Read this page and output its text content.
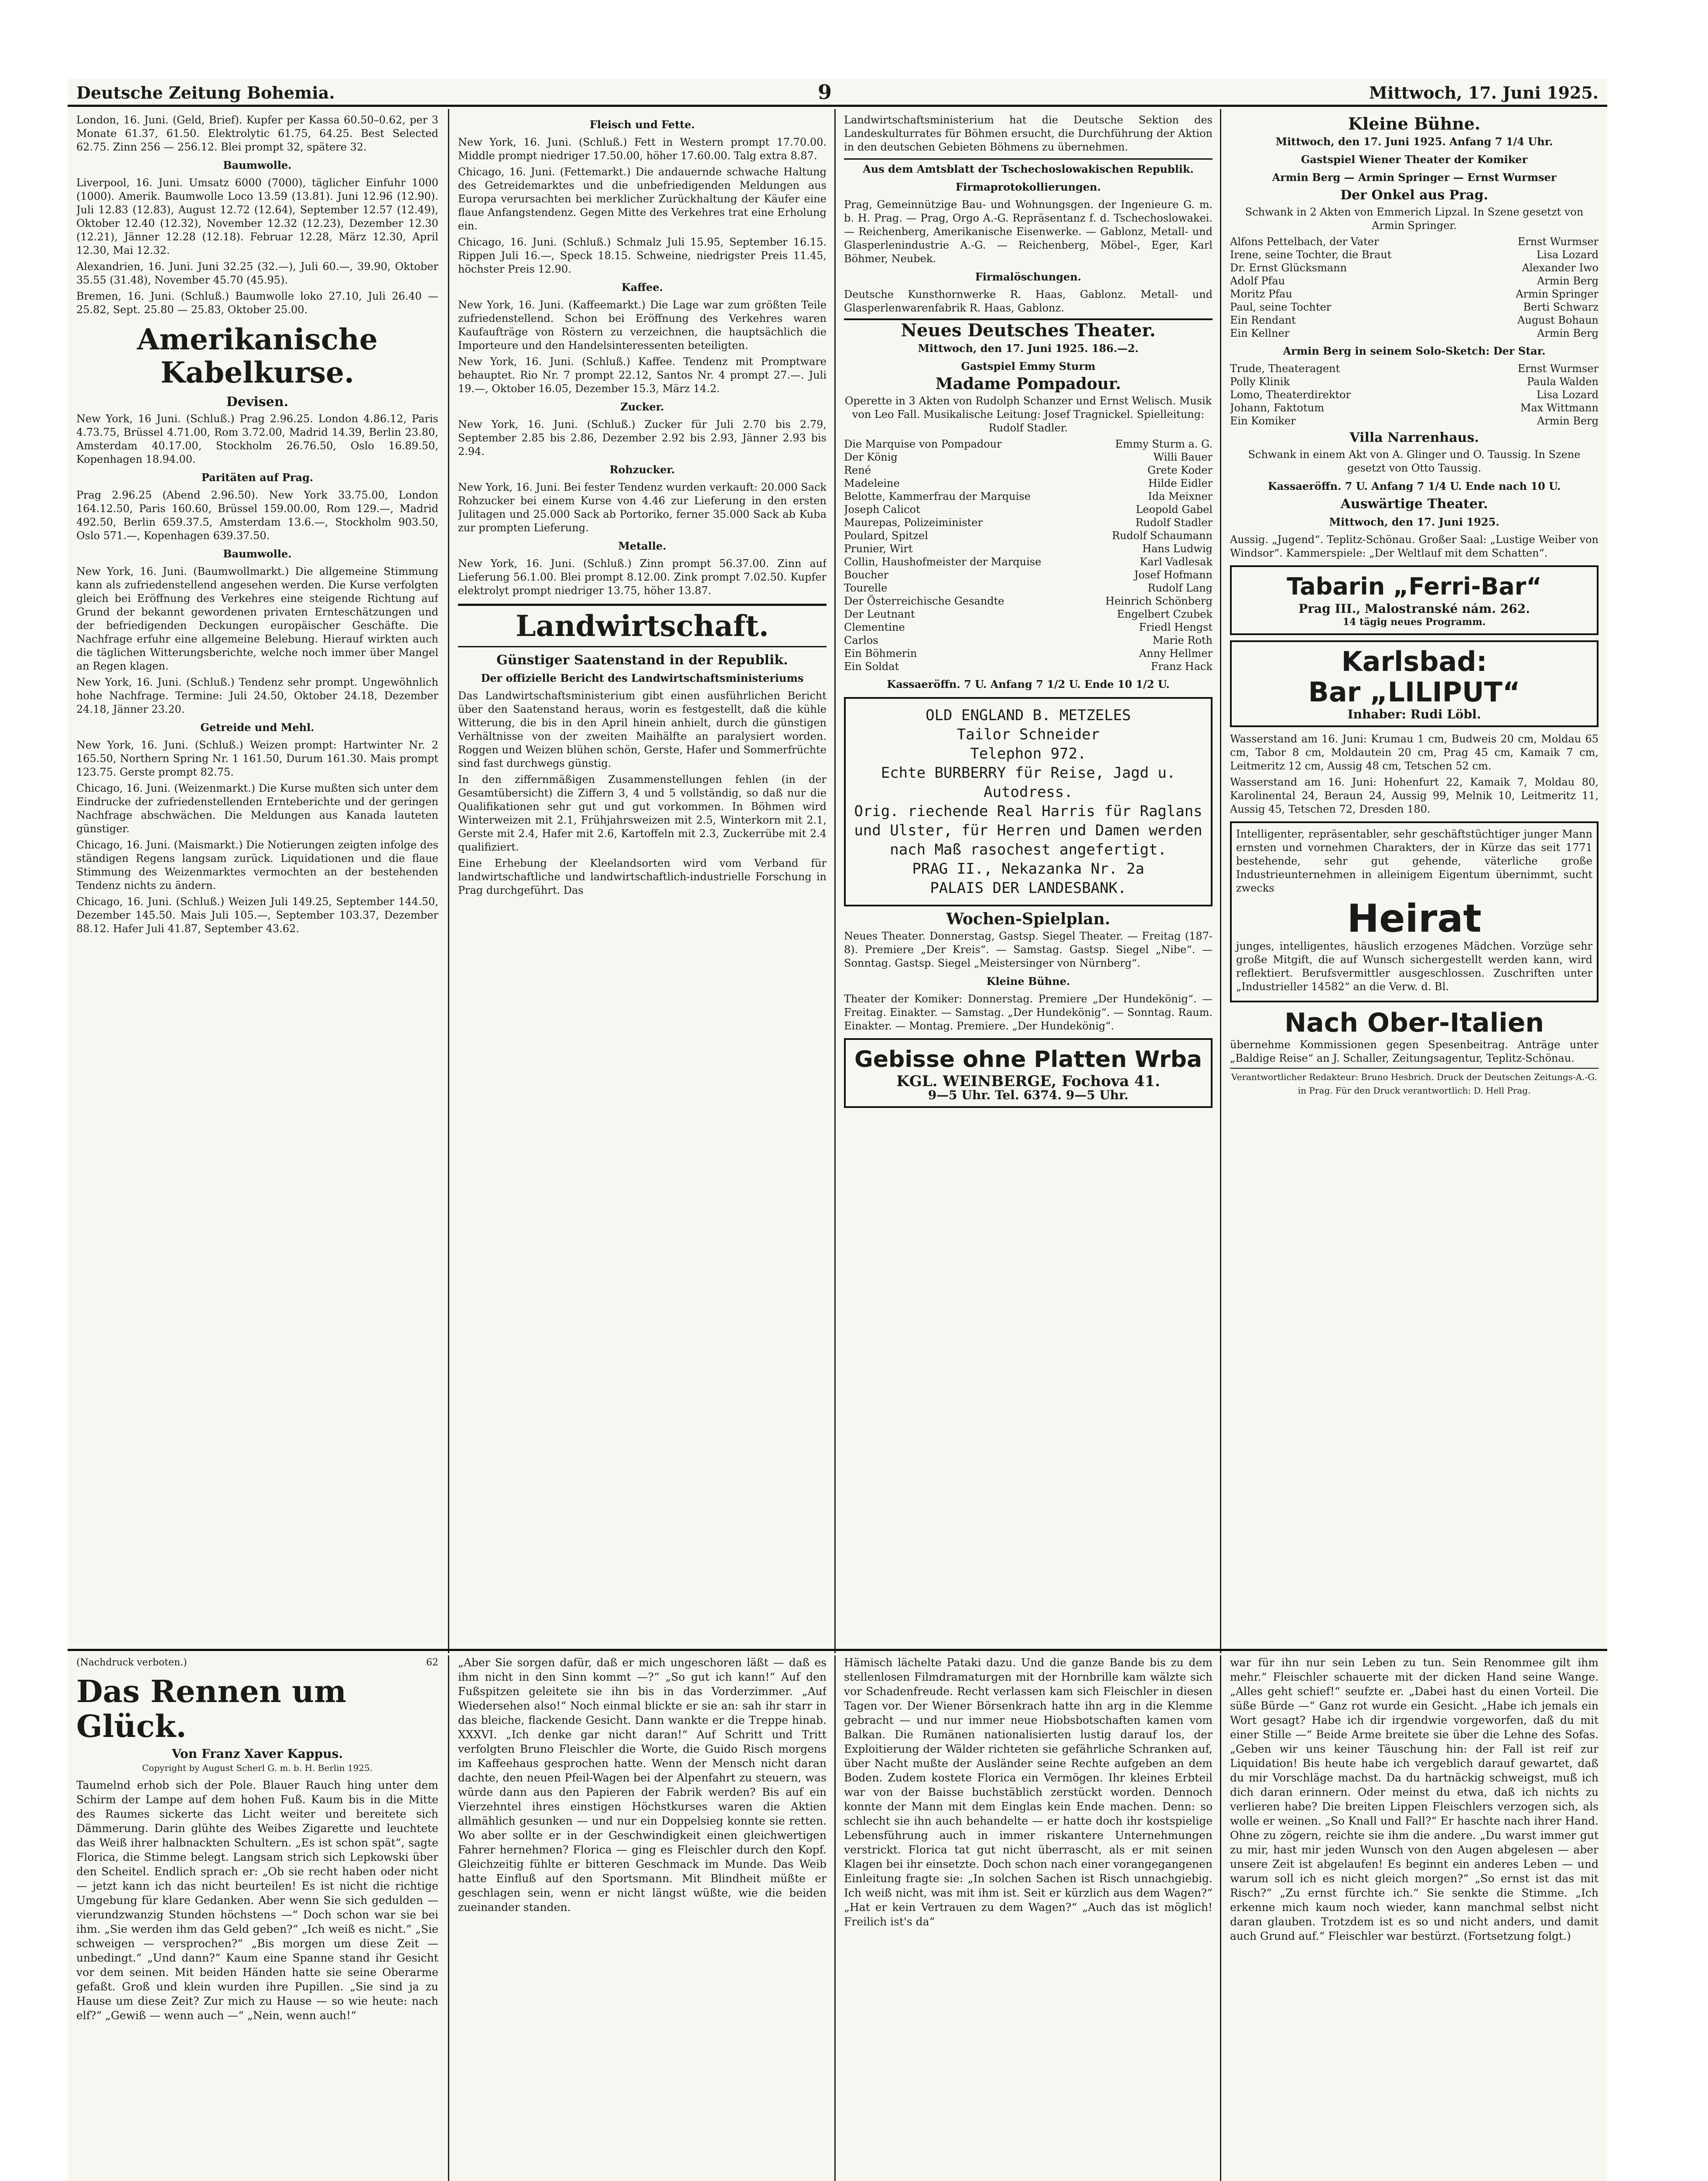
Deutsche Zeitung Bohemia.	9	Mittwoch, 17. Juni 1925.

London, 16. Juni. (Geld, Brief). Kupfer per Kassa 60.50–0.62, per 3 Monate 61.37, 61.50. Elektrolytic 61.75, 64.25. Best Selected 62.75. Zinn 256 — 256.12. Blei prompt 32, spätere 32.

Baumwolle.

Liverpool, 16. Juni. Umsatz 6000 (7000), täglicher Einfuhr 1000 (1000). Amerik. Baumwolle Loco 13.59 (13.81). Juni 12.96 (12.90). Juli 12.83 (12.83), August 12.72 (12.64), September 12.57 (12.49), Oktober 12.40 (12.32), November 12.32 (12.23), Dezember 12.30 (12.21), Jänner 12.28 (12.18). Februar 12.28, März 12.30, April 12.30, Mai 12.32.

Alexandrien, 16. Juni. Juni 32.25 (32.—), Juli 60.—, 39.90, Oktober 35.55 (31.48), November 45.70 (45.95).

Bremen, 16. Juni. (Schluß.) Baumwolle loko 27.10, Juli 26.40 — 25.82, Sept. 25.80 — 25.83, Oktober 25.00.

Amerikanische Kabelkurse.
Devisen.

New York, 16 Juni. (Schluß.) Prag 2.96.25. London 4.86.12, Paris 4.73.75, Brüssel 4.71.00, Rom 3.72.00, Madrid 14.39, Berlin 23.80, Amsterdam 40.17.00, Stockholm 26.76.50, Oslo 16.89.50, Kopenhagen 18.94.00.

Paritäten auf Prag.

Prag 2.96.25 (Abend 2.96.50). New York 33.75.00, London 164.12.50, Paris 160.60, Brüssel 159.00.00, Rom 129.—, Madrid 492.50, Berlin 659.37.5, Amsterdam 13.6.—, Stockholm 903.50, Oslo 571.—, Kopenhagen 639.37.50.

Baumwolle.

New York, 16. Juni. (Baumwollmarkt.) Die allgemeine Stimmung kann als zufriedenstellend angesehen werden. Die Kurse verfolgten gleich bei Eröffnung des Verkehres eine steigende Richtung auf Grund der bekannt gewordenen privaten Ernteschätzungen und der befriedigenden Deckungen europäischer Geschäfte. Die Nachfrage erfuhr eine allgemeine Belebung. Hierauf wirkten auch die täglichen Witterungsberichte, welche noch immer über Mangel an Regen klagen.

New York, 16. Juni. (Schluß.) Tendenz sehr prompt. Ungewöhnlich hohe Nachfrage. Termine: Juli 24.50, Oktober 24.18, Dezember 24.18, Jänner 23.20.

Getreide und Mehl.

New York, 16. Juni. (Schluß.) Weizen prompt: Hartwinter Nr. 2 165.50, Northern Spring Nr. 1 161.50, Durum 161.30. Mais prompt 123.75. Gerste prompt 82.75.

Chicago, 16. Juni. (Weizenmarkt.) Die Kurse mußten sich unter dem Eindrucke der zufriedenstellenden Ernteberichte und der geringen Nachfrage abschwächen. Die Meldungen aus Kanada lauteten günstiger.

Chicago, 16. Juni. (Maismarkt.) Die Notierungen zeigten infolge des ständigen Regens langsam zurück. Liquidationen und die flaue Stimmung des Weizenmarktes vermochten an der bestehenden Tendenz nichts zu ändern.

Chicago, 16. Juni. (Schluß.) Weizen Juli 149.25, September 144.50, Dezember 145.50. Mais Juli 105.—, September 103.37, Dezember 88.12. Hafer Juli 41.87, September 43.62.

Fleisch und Fette.

New York, 16. Juni. (Schluß.) Fett in Western prompt 17.70.00. Middle prompt niedriger 17.50.00, höher 17.60.00. Talg extra 8.87.

Chicago, 16. Juni. (Fettemarkt.) Die andauernde schwache Haltung des Getreidemarktes und die unbefriedigenden Meldungen aus Europa verursachten bei merklicher Zurückhaltung der Käufer eine flaue Anfangstendenz. Gegen Mitte des Verkehres trat eine Erholung ein.

Chicago, 16. Juni. (Schluß.) Schmalz Juli 15.95, September 16.15. Rippen Juli 16.—, Speck 18.15. Schweine, niedrigster Preis 11.45, höchster Preis 12.90.

Kaffee.

New York, 16. Juni. (Kaffeemarkt.) Die Lage war zum größten Teile zufriedenstellend. Schon bei Eröffnung des Verkehres waren Kaufaufträge von Röstern zu verzeichnen, die hauptsächlich die Importeure und den Handelsinteressenten beteiligten.

New York, 16. Juni. (Schluß.) Kaffee. Tendenz mit Promptware behauptet. Rio Nr. 7 prompt 22.12, Santos Nr. 4 prompt 27.—. Juli 19.—, Oktober 16.05, Dezember 15.3, März 14.2.

Zucker.

New York, 16. Juni. (Schluß.) Zucker für Juli 2.70 bis 2.79, September 2.85 bis 2.86, Dezember 2.92 bis 2.93, Jänner 2.93 bis 2.94.

Rohzucker.

New York, 16. Juni. Bei fester Tendenz wurden verkauft: 20.000 Sack Rohzucker bei einem Kurse von 4.46 zur Lieferung in den ersten Julitagen und 25.000 Sack ab Portoriko, ferner 35.000 Sack ab Kuba zur prompten Lieferung.

Metalle.

New York, 16. Juni. (Schluß.) Zinn prompt 56.37.00. Zinn auf Lieferung 56.1.00. Blei prompt 8.12.00. Zink prompt 7.02.50. Kupfer elektrolyt prompt niedriger 13.75, höher 13.87.

Landwirtschaft.
Günstiger Saatenstand in der Republik.
Der offizielle Bericht des Landwirtschaftsministeriums

Das Landwirtschaftsministerium gibt einen ausführlichen Bericht über den Saatenstand heraus, worin es festgestellt, daß die kühle Witterung, die bis in den April hinein anhielt, durch die günstigen Verhältnisse von der zweiten Maihälfte an paralysiert worden. Roggen und Weizen blühen schön, Gerste, Hafer und Sommerfrüchte sind fast durchwegs günstig.

In den ziffernmäßigen Zusammenstellungen fehlen (in der Gesamtübersicht) die Ziffern 3, 4 und 5 vollständig, so daß nur die Qualifikationen sehr gut und gut vorkommen. In Böhmen wird Winterweizen mit 2.1, Frühjahrsweizen mit 2.5, Winterkorn mit 2.1, Gerste mit 2.4, Hafer mit 2.6, Kartoffeln mit 2.3, Zuckerrübe mit 2.4 qualifiziert.

Eine Erhebung der Kleelandsorten wird vom Verband für landwirtschaftliche und landwirtschaftlich-industrielle Forschung in Prag durchgeführt. Das

Landwirtschaftsministerium hat die Deutsche Sektion des Landeskulturrates für Böhmen ersucht, die Durchführung der Aktion in den deutschen Gebieten Böhmens zu übernehmen.

Aus dem Amtsblatt der Tschechoslowakischen Republik.
Firmaprotokollierungen.

Prag, Gemeinnützige Bau- und Wohnungsgen. der Ingenieure G. m. b. H. Prag. — Prag, Orgo A.-G. Repräsentanz f. d. Tschechoslowakei. — Reichenberg, Amerikanische Eisenwerke. — Gablonz, Metall- und Glasperlenindustrie A.-G. — Reichenberg, Möbel-, Eger, Karl Böhmer, Neubek.

Firmalöschungen.

Deutsche Kunsthornwerke R. Haas, Gablonz. Metall- und Glasperlenwarenfabrik R. Haas, Gablonz.

Neues Deutsches Theater.
Mittwoch, den 17. Juni 1925. 186.—2.
Gastspiel Emmy Sturm
Madame Pompadour.

Operette in 3 Akten von Rudolph Schanzer und Ernst Welisch. Musik von Leo Fall. Musikalische Leitung: Josef Tragnickel. Spielleitung: Rudolf Stadler.

Die Marquise von Pompadour	Emmy Sturm a. G.
Der König	Willi Bauer
René	Grete Koder
Madeleine	Hilde Eidler
Belotte, Kammerfrau der Marquise	Ida Meixner
Joseph Calicot	Leopold Gabel
Maurepas, Polizeiminister	Rudolf Stadler
Poulard, Spitzel	Rudolf Schaumann
Prunier, Wirt	Hans Ludwig
Collin, Haushofmeister der Marquise	Karl Vadlesak
Boucher	Josef Hofmann
Tourelle	Rudolf Lang
Der Österreichische Gesandte	Heinrich Schönberg
Der Leutnant	Engelbert Czubek
Clementine	Friedl Hengst
Carlos	Marie Roth
Ein Böhmerin	Anny Hellmer
Ein Soldat	Franz Hack
Kassaeröffn. 7 U. Anfang 7 1/2 U. Ende 10 1/2 U.
OLD ENGLAND B. METZELES
Tailor Schneider
Telephon 972.
Echte BURBERRY für Reise, Jagd u. Autodress.
Orig. riechende Real Harris für Raglans und Ulster, für Herren und Damen werden nach Maß rasochest angefertigt.
PRAG II., Nekazanka Nr. 2a
PALAIS DER LANDESBANK.
Wochen-Spielplan.

Neues Theater. Donnerstag, Gastsp. Siegel Theater. — Freitag (187-8). Premiere „Der Kreis“. — Samstag. Gastsp. Siegel „Nibe“. — Sonntag. Gastsp. Siegel „Meistersinger von Nürnberg“.

Kleine Bühne.

Theater der Komiker: Donnerstag. Premiere „Der Hundekönig“. — Freitag. Einakter. — Samstag. „Der Hundekönig“. — Sonntag. Raum. Einakter. — Montag. Premiere. „Der Hundekönig“.

Gebisse ohne Platten Wrba
KGL. WEINBERGE, Fochova 41.
9—5 Uhr. Tel. 6374. 9—5 Uhr.
Kleine Bühne.
Mittwoch, den 17. Juni 1925. Anfang 7 1/4 Uhr.
Gastspiel Wiener Theater der Komiker
Armin Berg — Armin Springer — Ernst Wurmser
Der Onkel aus Prag.

Schwank in 2 Akten von Emmerich Lipzal. In Szene gesetzt von Armin Springer.

Alfons Pettelbach, der Vater	Ernst Wurmser
Irene, seine Tochter, die Braut	Lisa Lozard
Dr. Ernst Glücksmann	Alexander Iwo
Adolf Pfau	Armin Berg
Moritz Pfau	Armin Springer
Paul, seine Tochter	Berti Schwarz
Ein Rendant	August Bohaun
Ein Kellner	Armin Berg
Armin Berg in seinem Solo-Sketch: Der Star.
Trude, Theateragent	Ernst Wurmser
Polly Klinik	Paula Walden
Lomo, Theaterdirektor	Lisa Lozard
Johann, Faktotum	Max Wittmann
Ein Komiker	Armin Berg
Villa Narrenhaus.

Schwank in einem Akt von A. Glinger und O. Taussig. In Szene gesetzt von Otto Taussig.

Kassaeröffn. 7 U. Anfang 7 1/4 U. Ende nach 10 U.
Auswärtige Theater.
Mittwoch, den 17. Juni 1925.

Aussig. „Jugend“. Teplitz-Schönau. Großer Saal: „Lustige Weiber von Windsor“. Kammerspiele: „Der Weltlauf mit dem Schatten“.

Tabarin „Ferri-Bar“
Prag III., Malostranské nám. 262.
14 tägig neues Programm.
Karlsbad:
Bar „LILIPUT“
Inhaber: Rudi Löbl.

Wasserstand am 16. Juni: Krumau 1 cm, Budweis 20 cm, Moldau 65 cm, Tabor 8 cm, Moldautein 20 cm, Prag 45 cm, Kamaik 7 cm, Leitmeritz 12 cm, Aussig 48 cm, Tetschen 52 cm.

Wasserstand am 16. Juni: Hohenfurt 22, Kamaik 7, Moldau 80, Karolinental 24, Beraun 24, Aussig 99, Melnik 10, Leitmeritz 11, Aussig 45, Tetschen 72, Dresden 180.

Intelligenter, repräsentabler, sehr geschäftstüchtiger junger Mann ernsten und vornehmen Charakters, der in Kürze das seit 1771 bestehende, sehr gut gehende, väterliche große Industrieunternehmen in alleinigem Eigentum übernimmt, sucht zwecks

Heirat

junges, intelligentes, häuslich erzogenes Mädchen. Vorzüge sehr große Mitgift, die auf Wunsch sichergestellt werden kann, wird reflektiert. Berufsvermittler ausgeschlossen. Zuschriften unter „Industrieller 14582“ an die Verw. d. Bl.

Nach Ober-Italien

übernehme Kommissionen gegen Spesenbeitrag. Anträge unter „Baldige Reise“ an J. Schaller, Zeitungsagentur, Teplitz-Schönau.

Verantwortlicher Redakteur: Bruno Hesbrich. Druck der Deutschen Zeitungs-A.-G. in Prag. Für den Druck verantwortlich: D. Hell Prag.

(Nachdruck verboten.)	62
Das Rennen um Glück.
Von Franz Xaver Kappus.
Copyright by August Scherl G. m. b. H. Berlin 1925.

Taumelnd erhob sich der Pole. Blauer Rauch hing unter dem Schirm der Lampe auf dem hohen Fuß. Kaum bis in die Mitte des Raumes sickerte das Licht weiter und bereitete sich Dämmerung. Darin glühte des Weibes Zigarette und leuchtete das Weiß ihrer halbnackten Schultern. „Es ist schon spät“, sagte Florica, die Stimme belegt. Langsam strich sich Lepkowski über den Scheitel. Endlich sprach er: „Ob sie recht haben oder nicht — jetzt kann ich das nicht beurteilen! Es ist nicht die richtige Umgebung für klare Gedanken. Aber wenn Sie sich gedulden — vierundzwanzig Stunden höchstens —“ Doch schon war sie bei ihm. „Sie werden ihm das Geld geben?“ „Ich weiß es nicht.“ „Sie schweigen — versprochen?“ „Bis morgen um diese Zeit — unbedingt.“ „Und dann?“ Kaum eine Spanne stand ihr Gesicht vor dem seinen. Mit beiden Händen hatte sie seine Oberarme gefaßt. Groß und klein wurden ihre Pupillen. „Sie sind ja zu Hause um diese Zeit? Zur mich zu Hause — so wie heute: nach elf?“ „Gewiß — wenn auch —“ „Nein, wenn auch!“

„Aber Sie sorgen dafür, daß er mich ungeschoren läßt — daß es ihm nicht in den Sinn kommt —?“ „So gut ich kann!“ Auf den Fußspitzen geleitete sie ihn bis in das Vorderzimmer. „Auf Wiedersehen also!“ Noch einmal blickte er sie an: sah ihr starr in das bleiche, flackende Gesicht. Dann wankte er die Treppe hinab. XXXVI. „Ich denke gar nicht daran!“ Auf Schritt und Tritt verfolgten Bruno Fleischler die Worte, die Guido Risch morgens im Kaffeehaus gesprochen hatte. Wenn der Mensch nicht daran dachte, den neuen Pfeil-Wagen bei der Alpenfahrt zu steuern, was würde dann aus den Papieren der Fabrik werden? Bis auf ein Vierzehntel ihres einstigen Höchstkurses waren die Aktien allmählich gesunken — und nur ein Doppelsieg konnte sie retten. Wo aber sollte er in der Geschwindigkeit einen gleichwertigen Fahrer hernehmen? Florica — ging es Fleischler durch den Kopf. Gleichzeitig fühlte er bitteren Geschmack im Munde. Das Weib hatte Einfluß auf den Sportsmann. Mit Blindheit müßte er geschlagen sein, wenn er nicht längst wüßte, wie die beiden zueinander standen.

Hämisch lächelte Pataki dazu. Und die ganze Bande bis zu dem stellenlosen Filmdramaturgen mit der Hornbrille kam wälzte sich vor Schadenfreude. Recht verlassen kam sich Fleischler in diesen Tagen vor. Der Wiener Börsenkrach hatte ihn arg in die Klemme gebracht — und nur immer neue Hiobsbotschaften kamen vom Balkan. Die Rumänen nationalisierten lustig darauf los, der Exploitierung der Wälder richteten sie gefährliche Schranken auf, über Nacht mußte der Ausländer seine Rechte aufgeben an dem Boden. Zudem kostete Florica ein Vermögen. Ihr kleines Erbteil war von der Baisse buchstäblich zerstückt worden. Dennoch konnte der Mann mit dem Einglas kein Ende machen. Denn: so schlecht sie ihn auch behandelte — er hatte doch ihr kostspielige Lebensführung auch in immer riskantere Unternehmungen verstrickt. Florica tat gut nicht überrascht, als er mit seinen Klagen bei ihr einsetzte. Doch schon nach einer vorangegangenen Einleitung fragte sie: „In solchen Sachen ist Risch unnachgiebig. Ich weiß nicht, was mit ihm ist. Seit er kürzlich aus dem Wagen?“ „Hat er kein Vertrauen zu dem Wagen?“ „Auch das ist möglich! Freilich ist's da“

war für ihn nur sein Leben zu tun. Sein Renommee gilt ihm mehr.“ Fleischler schauerte mit der dicken Hand seine Wange. „Alles geht schief!“ seufzte er. „Dabei hast du einen Vorteil. Die süße Bürde —“ Ganz rot wurde ein Gesicht. „Habe ich jemals ein Wort gesagt? Habe ich dir irgendwie vorgeworfen, daß du mit einer Stille —“ Beide Arme breitete sie über die Lehne des Sofas. „Geben wir uns keiner Täuschung hin: der Fall ist reif zur Liquidation! Bis heute habe ich vergeblich darauf gewartet, daß du mir Vorschläge machst. Da du hartnäckig schweigst, muß ich dich daran erinnern. Oder meinst du etwa, daß ich nichts zu verlieren habe? Die breiten Lippen Fleischlers verzogen sich, als wolle er weinen. „So Knall und Fall?“ Er haschte nach ihrer Hand. Ohne zu zögern, reichte sie ihm die andere. „Du warst immer gut zu mir, hast mir jeden Wunsch von den Augen abgelesen — aber unsere Zeit ist abgelaufen! Es beginnt ein anderes Leben — und warum soll ich es nicht gleich morgen?“ „So ernst ist das mit Risch?“ „Zu ernst fürchte ich.“ Sie senkte die Stimme. „Ich erkenne mich kaum noch wieder, kann manchmal selbst nicht daran glauben. Trotzdem ist es so und nicht anders, und damit auch Grund auf.“ Fleischler war bestürzt. (Fortsetzung folgt.)
